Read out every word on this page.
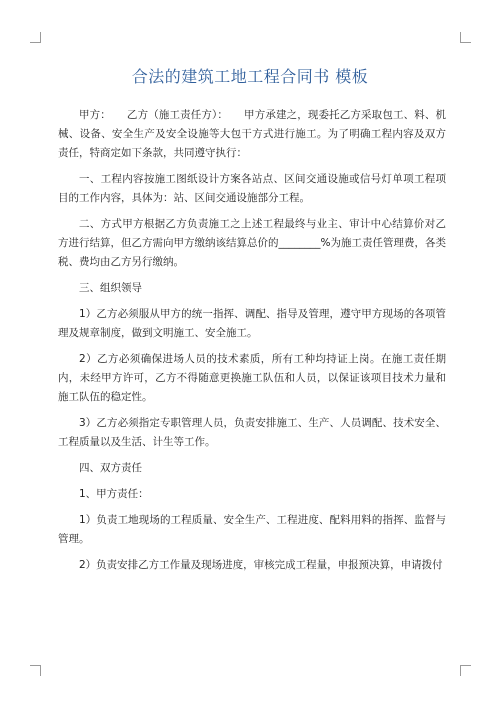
合法的建筑工地工程合同书 模板

甲方：　　乙方（施工责任方）：　　甲方承建之，现委托乙方采取包工、料、机械、设备、安全生产及安全设施等大包干方式进行施工。为了明确工程内容及双方责任，特商定如下条款，共同遵守执行：

一、工程内容按施工图纸设计方案各站点、区间交通设施或信号灯单项工程项目的工作内容，具体为：站、区间交通设施部分工程。

二、方式甲方根据乙方负责施工之上述工程最终与业主、审计中心结算价对乙方进行结算，但乙方需向甲方缴纳该结算总价的________%为施工责任管理费，各类税、费均由乙方另行缴纳。

三、组织领导

1）乙方必须服从甲方的统一指挥、调配、指导及管理，遵守甲方现场的各项管理及规章制度，做到文明施工、安全施工。

2）乙方必须确保进场人员的技术素质，所有工种均持证上岗。在施工责任期内，未经甲方许可，乙方不得随意更换施工队伍和人员，以保证该项目技术力量和施工队伍的稳定性。

3）乙方必须指定专职管理人员，负责安排施工、生产、人员调配、技术安全、工程质量以及生活、计生等工作。

四、双方责任

1、甲方责任：

1）负责工地现场的工程质量、安全生产、工程进度、配料用料的指挥、监督与管理。

2）负责安排乙方工作量及现场进度，审核完成工程量，申报预决算，申请拨付
